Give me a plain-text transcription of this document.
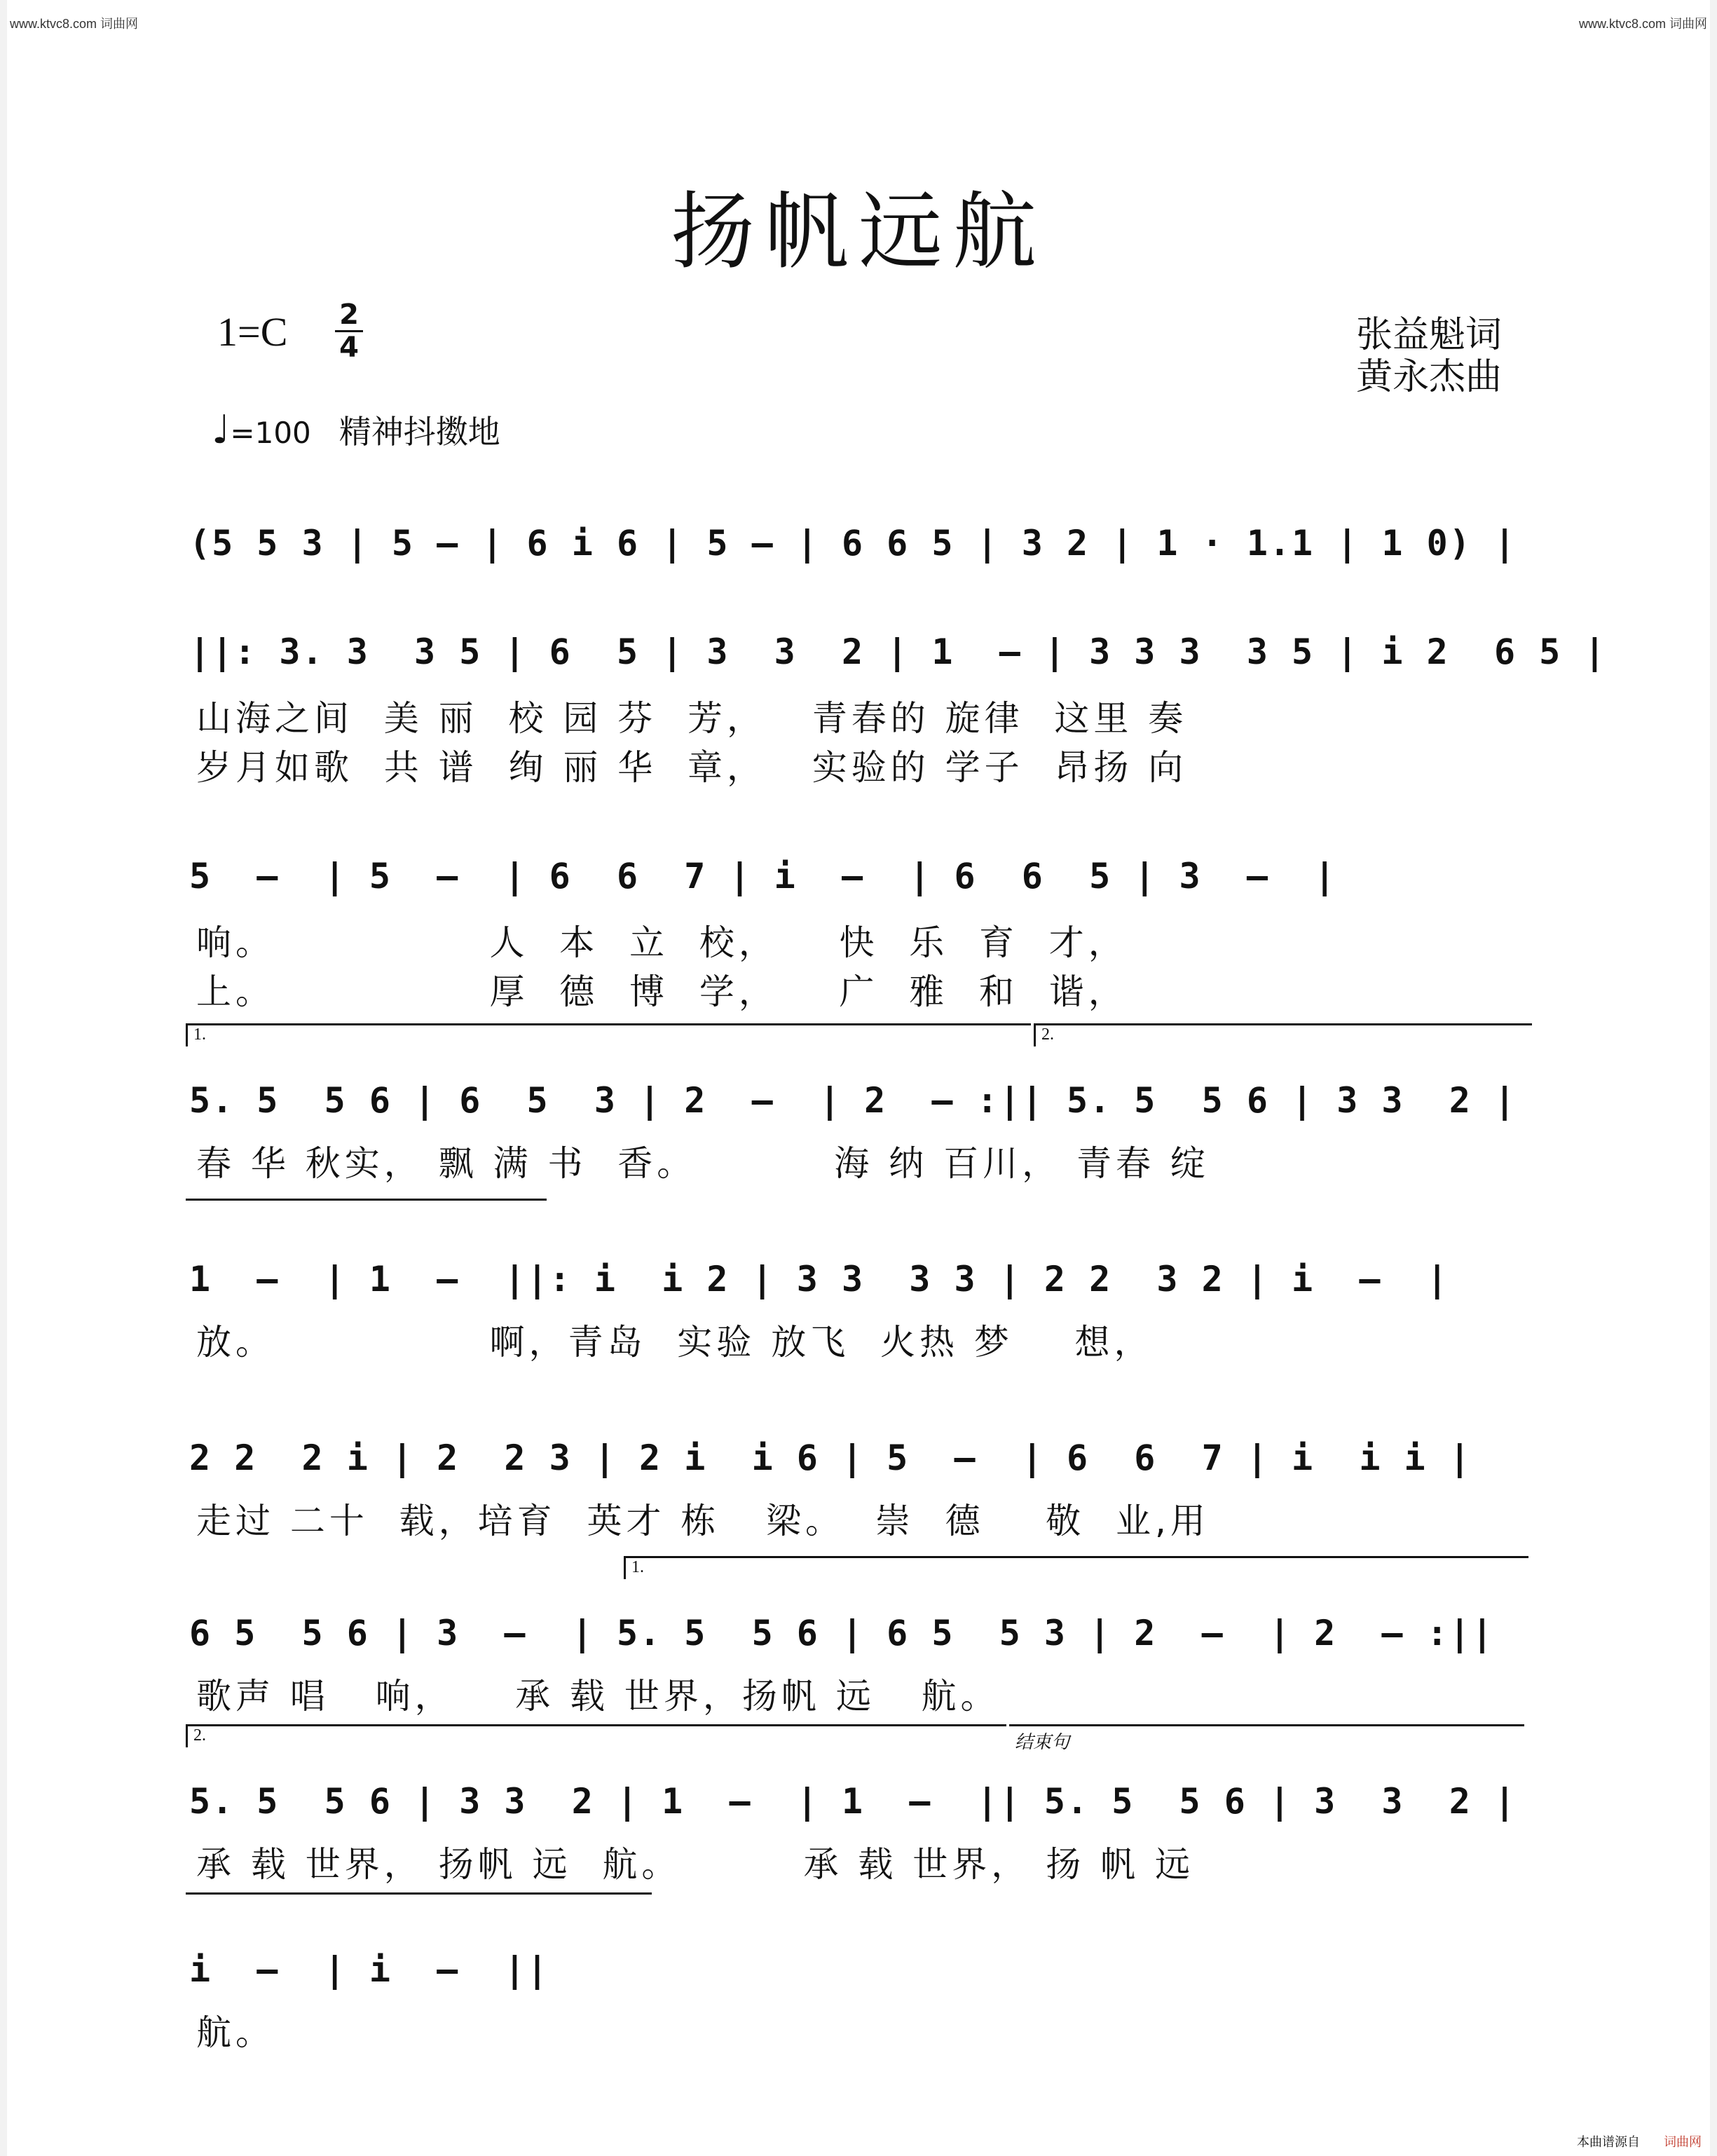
www.ktvc8.com 词曲网	www.ktvc8.com 词曲网
扬帆远航
1=C 2
4	张益魁词
黄永杰曲
♩=100 精神抖擞地
(5 5 3 | 5 – | 6 i 6 | 5 – | 6 6 5 | 3 2 | 1 · 1.1 | 1 0) |
||: 3. 3  3 5 | 6  5 | 3  3  2 | 1  – | 3 3 3  3 5 | i 2  6 5 |
山海之间  美 丽  校 园 芬  芳，   青春的 旋律  这里 奏
岁月如歌  共 谱  绚 丽 华  章，   实验的 学子  昂扬 向
5  –  | 5  –  | 6  6  7 | i  –  | 6  6  5 | 3  –  |
响。              人  本  立  校，    快  乐  育  才，
上。              厚  德  博  学，    广  雅  和  谐，
1.	2.
5. 5  5 6 | 6  5  3 | 2  –  | 2  – :|| 5. 5  5 6 | 3 3  2 |
春 华 秋实， 飘 满 书  香。         海 纳 百川， 青春 绽
1  –  | 1  –  ||: i  i 2 | 3 3  3 3 | 2 2  3 2 | i  –  |
放。              啊，青岛  实验 放飞  火热 梦    想，
2 2  2 i | 2  2 3 | 2 i  i 6 | 5  –  | 6  6  7 | i  i i |
走过 二十  载，培育  英才 栋   梁。  崇  德    敬  业,用
1.
6 5  5 6 | 3  –  | 5. 5  5 6 | 6 5  5 3 | 2  –  | 2  – :||
歌声 唱   响，    承 载 世界，扬帆 远   航。
2.	结束句
5. 5  5 6 | 3 3  2 | 1  –  | 1  –  || 5. 5  5 6 | 3  3  2 |
承 载 世界， 扬帆 远  航。        承 载 世界， 扬 帆 远
i  –  | i  –  ||
航。
本曲谱源自 词曲网
